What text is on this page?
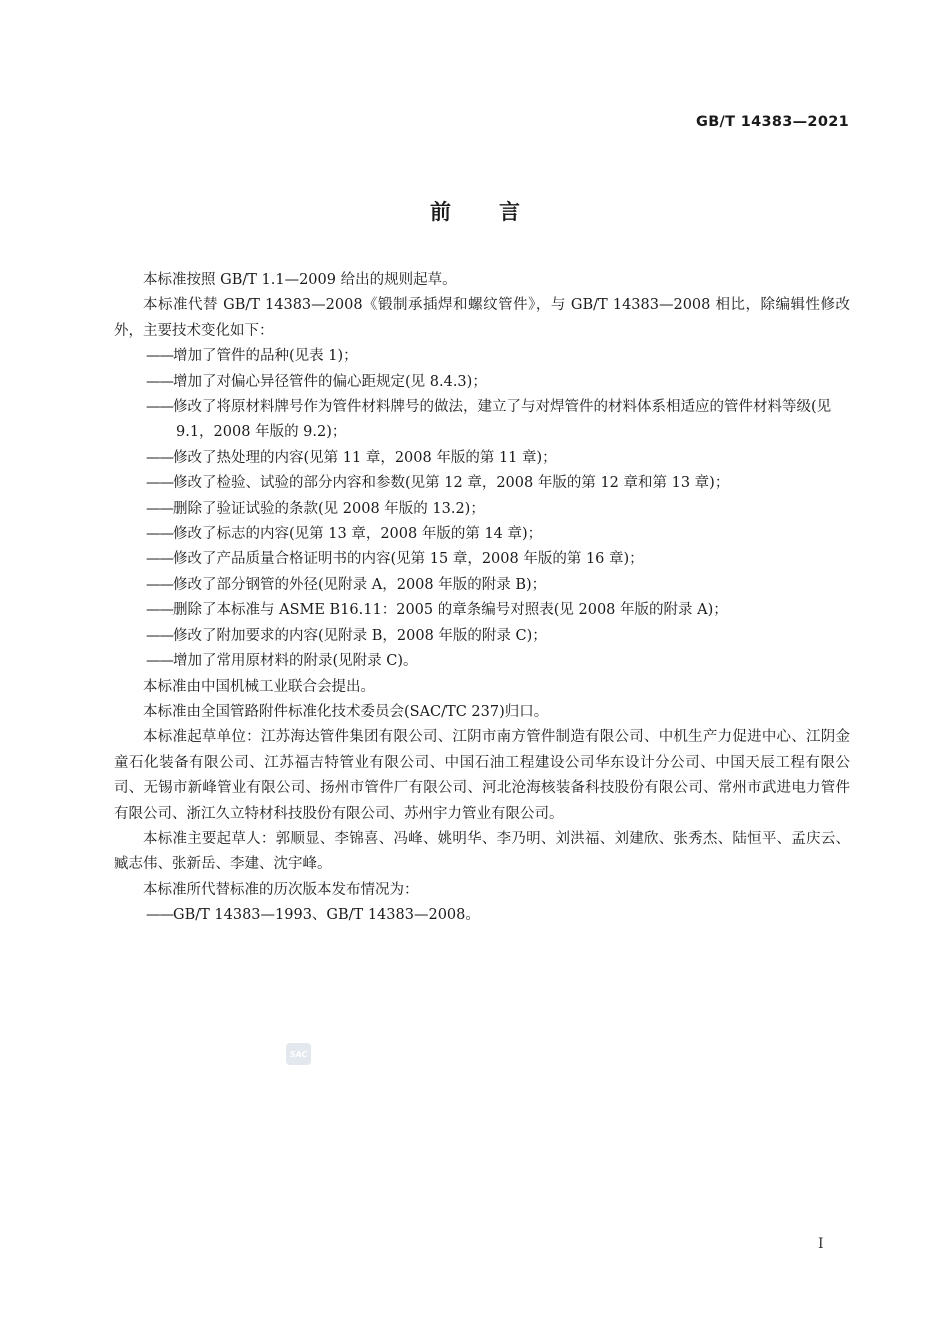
GB/T 14383—2021
前言

本标准按照 GB/T 1.1—2009 给出的规则起草。

本标准代替 GB/T 14383—2008《锻制承插焊和螺纹管件》，与 GB/T 14383—2008 相比，除编辑性修改外，主要技术变化如下：

——增加了管件的品种(见表 1)；

——增加了对偏心异径管件的偏心距规定(见 8.4.3)；

——修改了将原材料牌号作为管件材料牌号的做法，建立了与对焊管件的材料体系相适应的管件材料等级(见 9.1，2008 年版的 9.2)；

——修改了热处理的内容(见第 11 章，2008 年版的第 11 章)；

——修改了检验、试验的部分内容和参数(见第 12 章，2008 年版的第 12 章和第 13 章)；

——删除了验证试验的条款(见 2008 年版的 13.2)；

——修改了标志的内容(见第 13 章，2008 年版的第 14 章)；

——修改了产品质量合格证明书的内容(见第 15 章，2008 年版的第 16 章)；

——修改了部分钢管的外径(见附录 A，2008 年版的附录 B)；

——删除了本标准与 ASME B16.11：2005 的章条编号对照表(见 2008 年版的附录 A)；

——修改了附加要求的内容(见附录 B，2008 年版的附录 C)；

——增加了常用原材料的附录(见附录 C)。

本标准由中国机械工业联合会提出。

本标准由全国管路附件标准化技术委员会(SAC/TC 237)归口。

本标准起草单位：江苏海达管件集团有限公司、江阴市南方管件制造有限公司、中机生产力促进中心、江阴金童石化装备有限公司、江苏福吉特管业有限公司、中国石油工程建设公司华东设计分公司、中国天辰工程有限公司、无锡市新峰管业有限公司、扬州市管件厂有限公司、河北沧海核装备科技股份有限公司、常州市武进电力管件有限公司、浙江久立特材科技股份有限公司、苏州宇力管业有限公司。

本标准主要起草人：郭顺显、李锦喜、冯峰、姚明华、李乃明、刘洪福、刘建欣、张秀杰、陆恒平、孟庆云、臧志伟、张新岳、李建、沈宇峰。

本标准所代替标准的历次版本发布情况为：

——GB/T 14383—1993、GB/T 14383—2008。

SAC
I
